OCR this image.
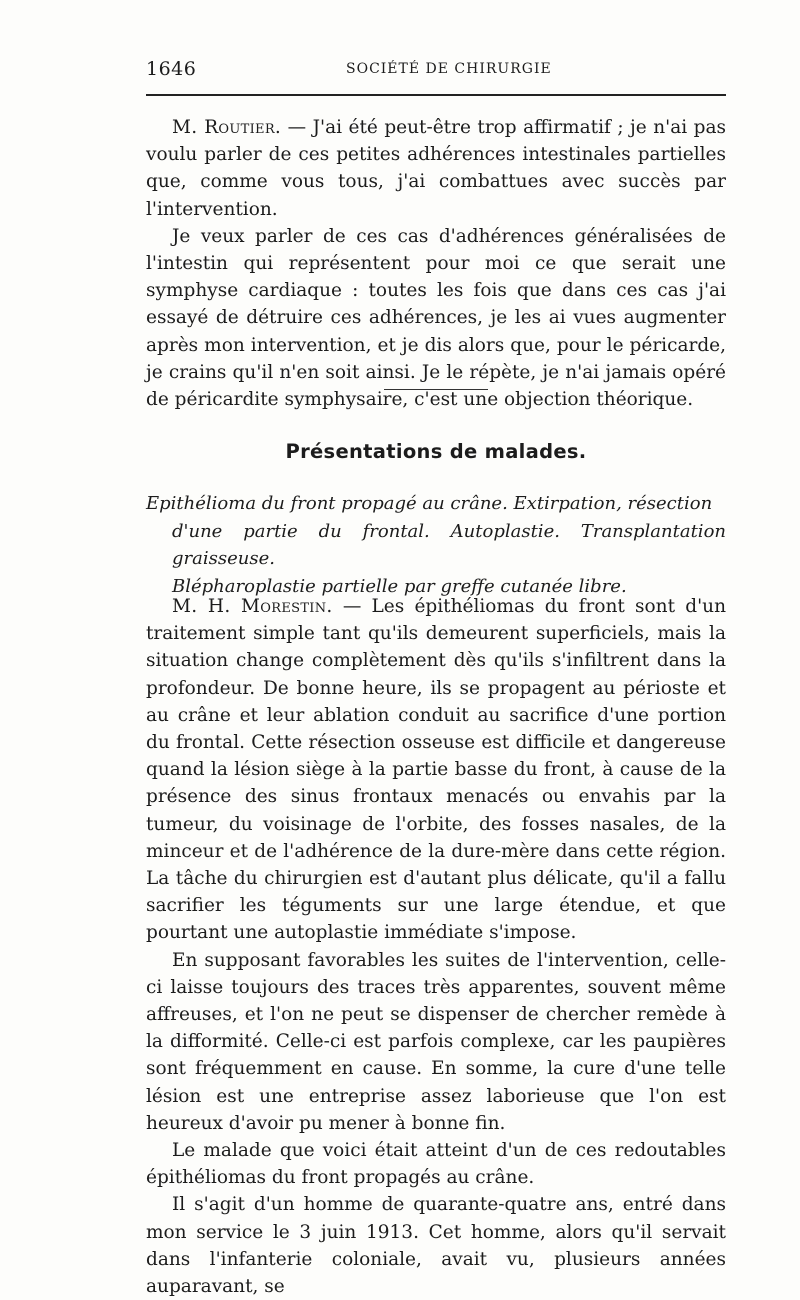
1646	SOCIÉTÉ DE CHIRURGIE

M. Routier. — J'ai été peut-être trop affirmatif ; je n'ai pas voulu parler de ces petites adhérences intestinales partielles que, comme vous tous, j'ai combattues avec succès par l'intervention.

Je veux parler de ces cas d'adhérences généralisées de l'intestin qui représentent pour moi ce que serait une symphyse cardiaque : toutes les fois que dans ces cas j'ai essayé de détruire ces adhérences, je les ai vues augmenter après mon intervention, et je dis alors que, pour le péricarde, je crains qu'il n'en soit ainsi. Je le répète, je n'ai jamais opéré de péricardite symphysaire, c'est une objection théorique.

Présentations de malades.
Epithélioma du front propagé au crâne. Extirpation, résection
d'une partie du frontal. Autoplastie. Transplantation graisseuse.
Blépharoplastie partielle par greffe cutanée libre.

M. H. Morestin. — Les épithéliomas du front sont d'un traitement simple tant qu'ils demeurent superficiels, mais la situation change complètement dès qu'ils s'infiltrent dans la profondeur. De bonne heure, ils se propagent au périoste et au crâne et leur ablation conduit au sacrifice d'une portion du frontal. Cette résection osseuse est difficile et dangereuse quand la lésion siège à la partie basse du front, à cause de la présence des sinus frontaux menacés ou envahis par la tumeur, du voisinage de l'orbite, des fosses nasales, de la minceur et de l'adhérence de la dure-mère dans cette région. La tâche du chirurgien est d'autant plus délicate, qu'il a fallu sacrifier les téguments sur une large étendue, et que pourtant une autoplastie immédiate s'impose.

En supposant favorables les suites de l'intervention, celle-ci laisse toujours des traces très apparentes, souvent même affreuses, et l'on ne peut se dispenser de chercher remède à la difformité. Celle-ci est parfois complexe, car les paupières sont fréquemment en cause. En somme, la cure d'une telle lésion est une entreprise assez laborieuse que l'on est heureux d'avoir pu mener à bonne fin.

Le malade que voici était atteint d'un de ces redoutables épithéliomas du front propagés au crâne.

Il s'agit d'un homme de quarante-quatre ans, entré dans mon service le 3 juin 1913. Cet homme, alors qu'il servait dans l'infanterie coloniale, avait vu, plusieurs années auparavant, se
